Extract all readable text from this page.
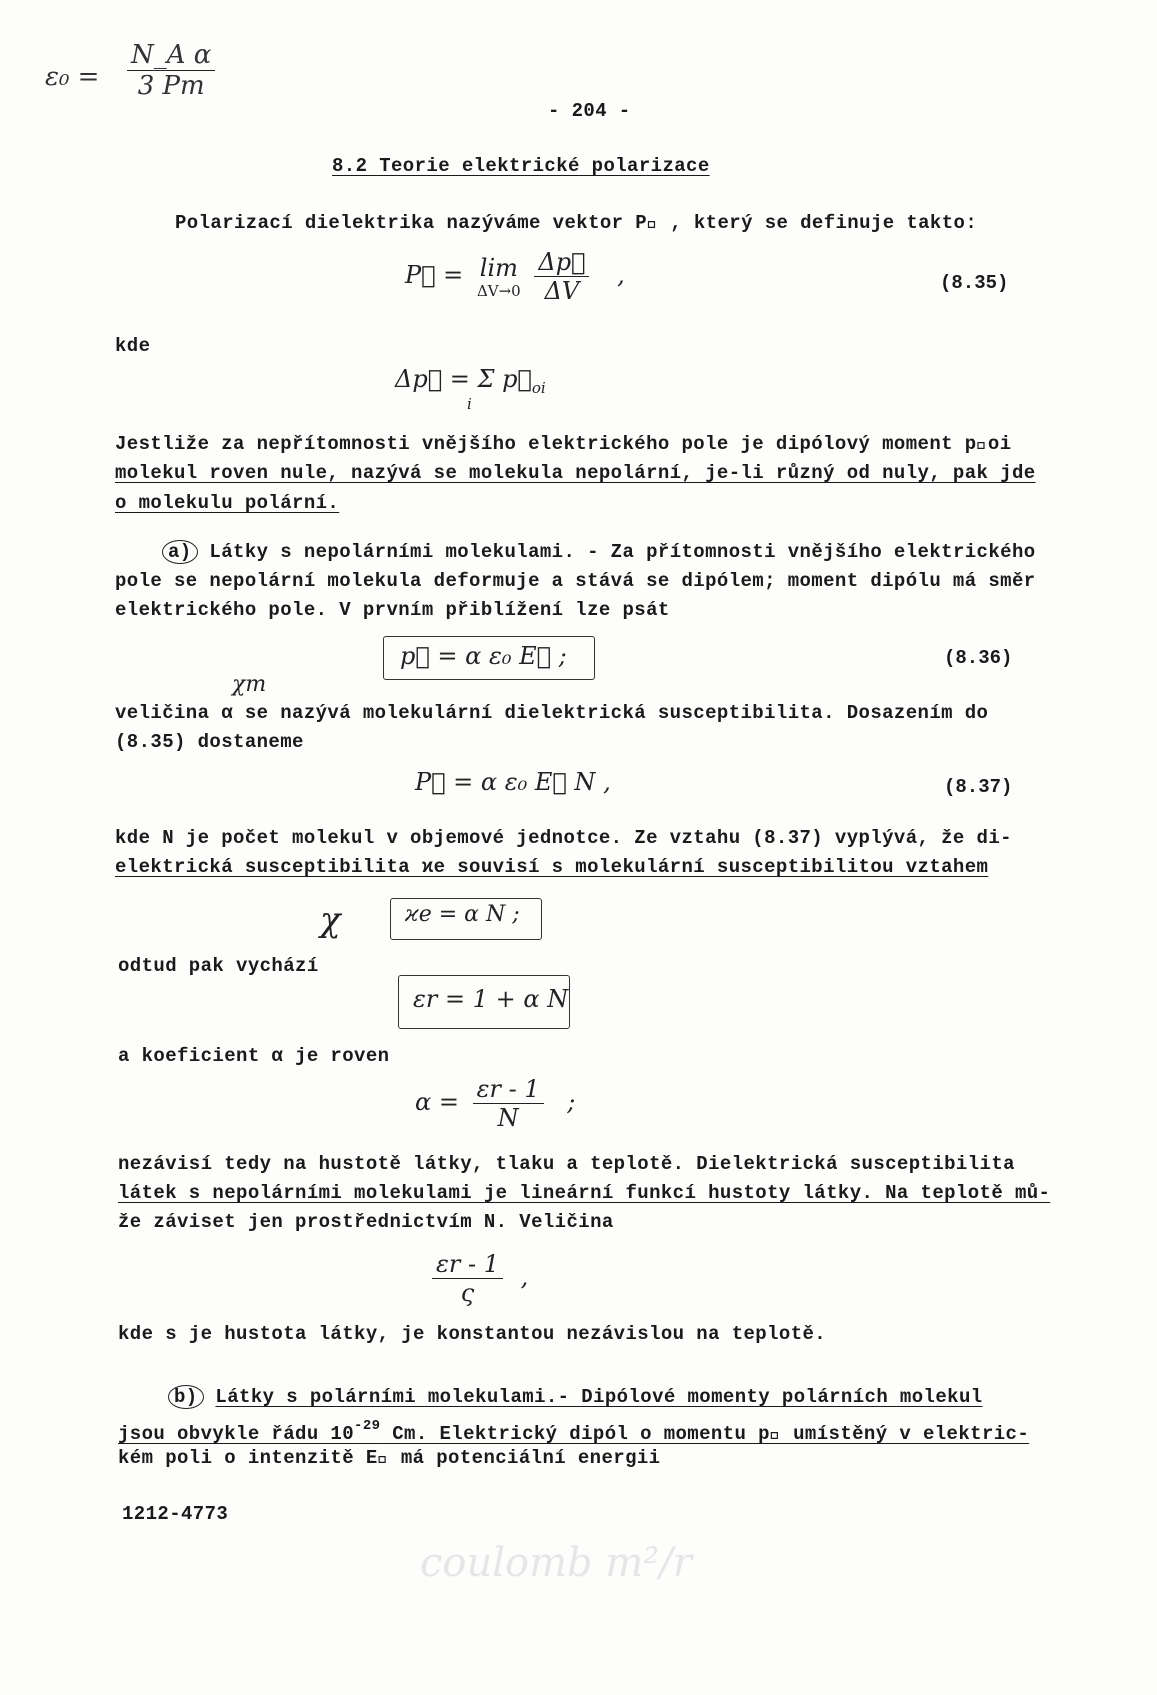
$\varepsilon_0 = \frac{\text{N\_A α}}{3 Pm}$
- 204 -
8.2 Teorie elektrické polarizace
Polarizací dielektrika nazýváme vektor P⃗ , který se definuje takto:
P⃗ = lim
ΔV→0
$\frac{\Delta p⃗}{\Delta V}$ ,	(8.35)
kde
Δp⃗ = Σ $p⃗_{oi}$
i
Jestliže za nepřítomnosti vnějšího elektrického pole je dipólový moment p⃗oi
molekul roven nule, nazývá se molekula nepolární, je-li různý od nuly, pak jde
o molekulu polární.
a) Látky s nepolárními molekulami. - Za přítomnosti vnějšího elektrického
pole se nepolární molekula deformuje a stává se dipólem; moment dipólu má směr
elektrického pole. V prvním přiblížení lze psát
p⃗ = α ε₀ E⃗ ;	(8.36)
χm
veličina α se nazývá molekulární dielektrická susceptibilita. Dosazením do
(8.35) dostaneme
P⃗ = α ε₀ E⃗ N ,	(8.37)
kde N je počet molekul v objemové jednotce. Ze vztahu (8.37) vyplývá, že di-
elektrická susceptibilita ϰe souvisí s molekulární susceptibilitou vztahem
χ	ϰe = α N ;
odtud pak vychází
εr = 1 + α N
a koeficient α je roven
$\alpha = \frac{\varepsilon r - 1}{N}$ ;
nezávisí tedy na hustotě látky, tlaku a teplotě. Dielektrická susceptibilita
látek s nepolárními molekulami je lineární funkcí hustoty látky. Na teplotě mů-
že záviset jen prostřednictvím N. Veličina
$\frac{\varepsilon r - 1}{\varsigma}$ ,
kde s je hustota látky, je konstantou nezávislou na teplotě.
b) Látky s polárními molekulami.- Dipólové momenty polárních molekul
jsou obvykle řádu $10^{-29}$ Cm. Elektrický dipól o momentu p⃗ umístěný v elektric-
kém poli o intenzitě E⃗ má potenciální energii
1212-4773
coulomb m²/r
